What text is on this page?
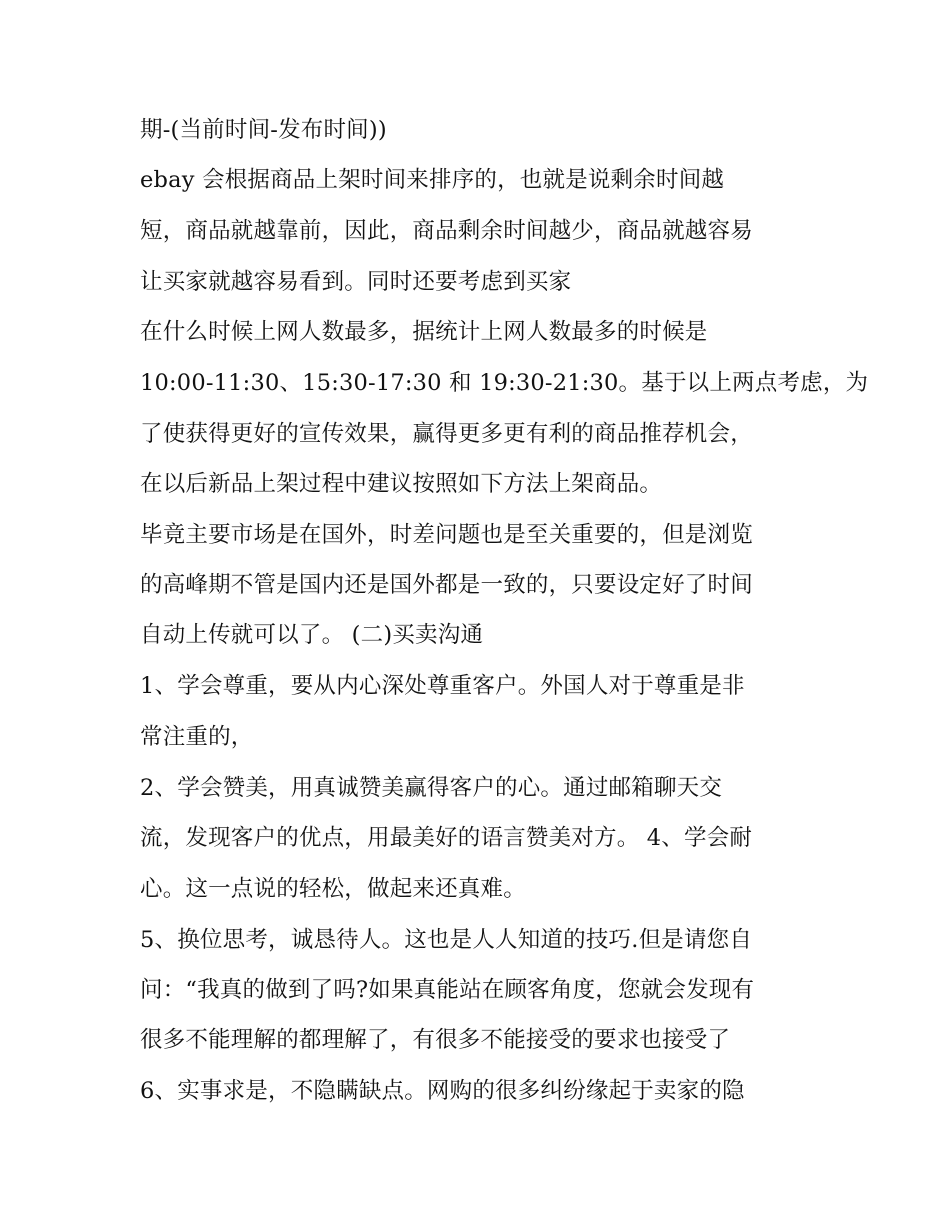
期-(当前时间-发布时间))
ebay 会根据商品上架时间来排序的，也就是说剩余时间越
短，商品就越靠前，因此，商品剩余时间越少，商品就越容易
让买家就越容易看到。同时还要考虑到买家
在什么时候上网人数最多，据统计上网人数最多的时候是
10:00-11:30、15:30-17:30 和 19:30-21:30。基于以上两点考虑，为
了使获得更好的宣传效果，赢得更多更有利的商品推荐机会，
在以后新品上架过程中建议按照如下方法上架商品。
毕竟主要市场是在国外，时差问题也是至关重要的，但是浏览
的高峰期不管是国内还是国外都是一致的，只要设定好了时间
自动上传就可以了。 (二)买卖沟通
1、学会尊重，要从内心深处尊重客户。外国人对于尊重是非
常注重的，
2、学会赞美，用真诚赞美赢得客户的心。通过邮箱聊天交
流，发现客户的优点，用最美好的语言赞美对方。 4、学会耐
心。这一点说的轻松，做起来还真难。
5、换位思考，诚恳待人。这也是人人知道的技巧.但是请您自
问：“我真的做到了吗?如果真能站在顾客角度，您就会发现有
很多不能理解的都理解了，有很多不能接受的要求也接受了
6、实事求是，不隐瞒缺点。网购的很多纠纷缘起于卖家的隐
